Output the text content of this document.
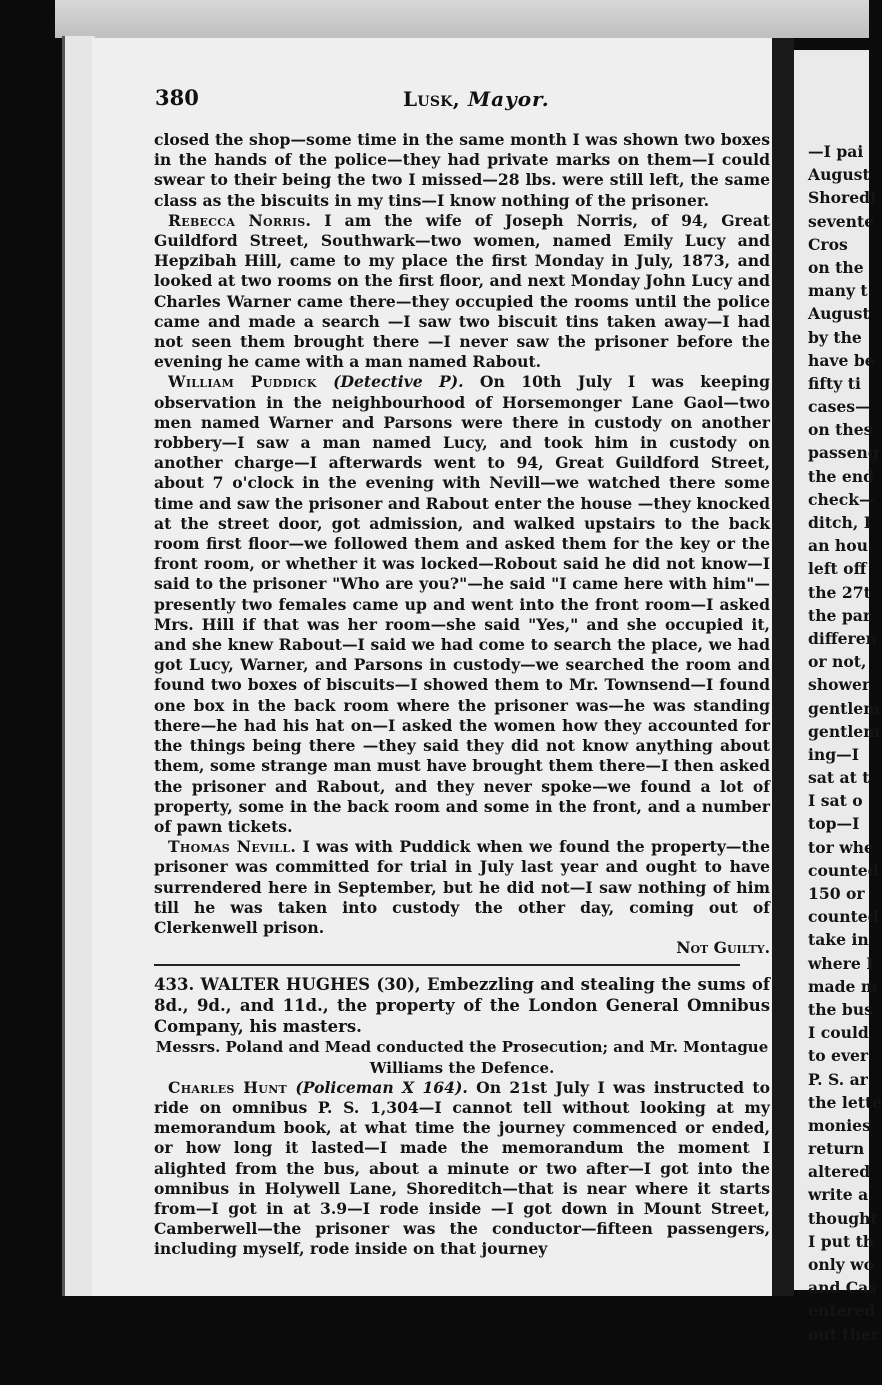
380	Lusk, Mayor.

closed the shop—some time in the same month I was shown two boxes in the hands of the police—they had private marks on them—I could swear to their being the two I missed—28 lbs. were still left, the same class as the biscuits in my tins—I know nothing of the prisoner.

Rebecca Norris. I am the wife of Joseph Norris, of 94, Great Guildford Street, Southwark—two women, named Emily Lucy and Hepzibah Hill, came to my place the first Monday in July, 1873, and looked at two rooms on the first floor, and next Monday John Lucy and Charles Warner came there—they occupied the rooms until the police came and made a search —I saw two biscuit tins taken away—I had not seen them brought there —I never saw the prisoner before the evening he came with a man named Rabout.

William Puddick (Detective P). On 10th July I was keeping observation in the neighbourhood of Horsemonger Lane Gaol—two men named Warner and Parsons were there in custody on another robbery—I saw a man named Lucy, and took him in custody on another charge—I afterwards went to 94, Great Guildford Street, about 7 o'clock in the evening with Nevill—we watched there some time and saw the prisoner and Rabout enter the house —they knocked at the street door, got admission, and walked upstairs to the back room first floor—we followed them and asked them for the key or the front room, or whether it was locked—Robout said he did not know—I said to the prisoner "Who are you?"—he said "I came here with him"— presently two females came up and went into the front room—I asked Mrs. Hill if that was her room—she said "Yes," and she occupied it, and she knew Rabout—I said we had come to search the place, we had got Lucy, Warner, and Parsons in custody—we searched the room and found two boxes of biscuits—I showed them to Mr. Townsend—I found one box in the back room where the prisoner was—he was standing there—he had his hat on—I asked the women how they accounted for the things being there —they said they did not know anything about them, some strange man must have brought them there—I then asked the prisoner and Rabout, and they never spoke—we found a lot of property, some in the back room and some in the front, and a number of pawn tickets.

Thomas Nevill. I was with Puddick when we found the property—the prisoner was committed for trial in July last year and ought to have surrendered here in September, but he did not—I saw nothing of him till he was taken into custody the other day, coming out of Clerkenwell prison.

Not Guilty.

433. WALTER HUGHES (30), Embezzling and stealing the sums of 8d., 9d., and 11d., the property of the London General Omnibus Company, his masters.

Messrs. Poland and Mead conducted the Prosecution; and Mr. Montague
Williams the Defence.

Charles Hunt (Policeman X 164). On 21st July I was instructed to ride on omnibus P. S. 1,304—I cannot tell without looking at my memorandum book, at what time the journey commenced or ended, or how long it lasted—I made the memorandum the moment I alighted from the bus, about a minute or two after—I got into the omnibus in Holywell Lane, Shoreditch—that is near where it starts from—I got in at 3.9—I rode inside —I got down in Mount Street, Camberwell—the prisoner was the conductor—fifteen passengers, including myself, rode inside on that journey

—I pai
August
Shoredi
sevente
Cros
on the
many t
August
by the
have be
fifty ti
cases—
on thes
passeng
the end
check—
ditch, I
an hou
left off
the 27t
the par
differen
or not,
shower
gentlem
gentlem
ing—I
sat at t
I sat o
top—I
tor whe
counted
150 or
counted
take in
where I
made m
the bus
I could
to ever
P. S. ar
the lette
monies
return
altered
write a
thought
I put th
only wo
and Cas
entered
out ther
